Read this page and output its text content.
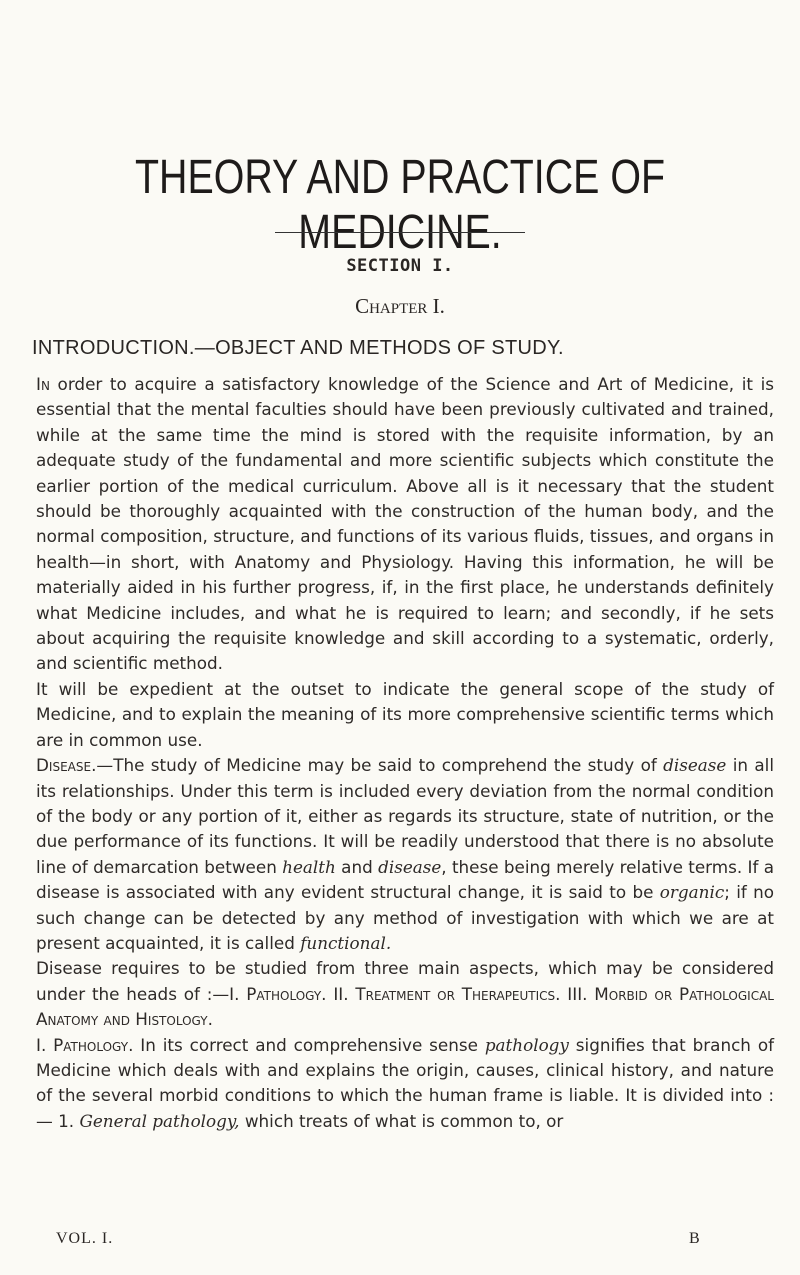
THEORY AND PRACTICE OF MEDICINE.
SECTION I.
Chapter I.
INTRODUCTION.—OBJECT AND METHODS OF STUDY.

In order to acquire a satisfactory knowledge of the Science and Art of Medicine, it is essential that the mental faculties should have been previously cultivated and trained, while at the same time the mind is stored with the requisite information, by an adequate study of the fundamental and more scientific subjects which constitute the earlier portion of the medical curriculum. Above all is it necessary that the student should be thoroughly acquainted with the construction of the human body, and the normal composition, structure, and functions of its various fluids, tissues, and organs in health—in short, with Anatomy and Physiology. Having this information, he will be materially aided in his further progress, if, in the first place, he understands definitely what Medicine includes, and what he is required to learn; and secondly, if he sets about acquiring the requisite knowledge and skill according to a systematic, orderly, and scientific method.

It will be expedient at the outset to indicate the general scope of the study of Medicine, and to explain the meaning of its more comprehensive scientific terms which are in common use.

Disease.—The study of Medicine may be said to comprehend the study of disease in all its relationships. Under this term is included every deviation from the normal condition of the body or any portion of it, either as regards its structure, state of nutrition, or the due performance of its functions. It will be readily understood that there is no absolute line of demarcation between health and disease, these being merely relative terms. If a disease is associated with any evident structural change, it is said to be organic; if no such change can be detected by any method of investigation with which we are at present acquainted, it is called functional.

Disease requires to be studied from three main aspects, which may be considered under the heads of :—I. Pathology. II. Treatment or Therapeutics. III. Morbid or Pathological Anatomy and Histology.

I. Pathology. In its correct and comprehensive sense pathology signifies that branch of Medicine which deals with and explains the origin, causes, clinical history, and nature of the several morbid conditions to which the human frame is liable. It is divided into :— 1. General pathology, which treats of what is common to, or

VOL. I.	B
